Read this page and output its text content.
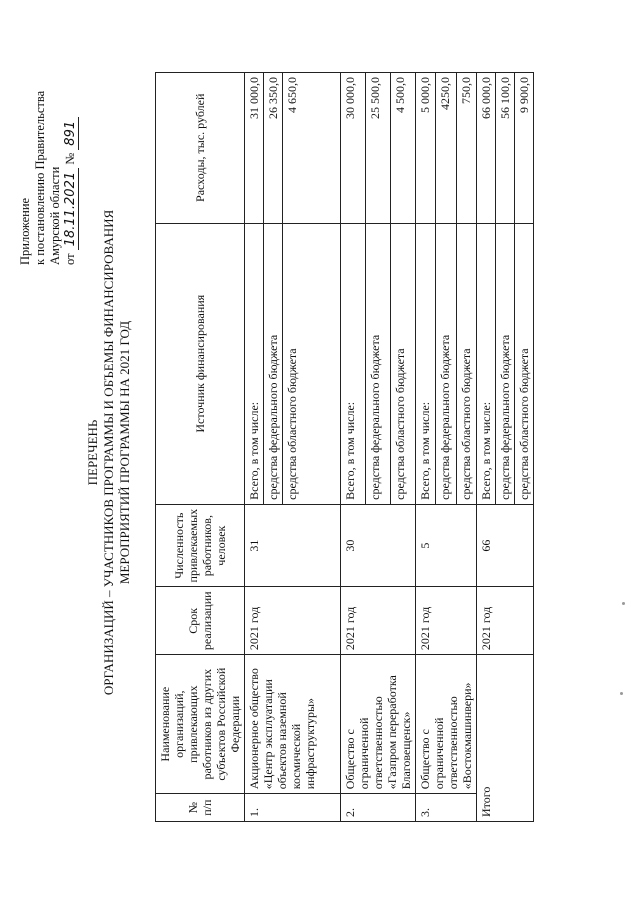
Приложение к постановлению Правительства Амурской области от 18.11.2021 № 891
ПЕРЕЧЕНЬ ОРГАНИЗАЦИЙ – УЧАСТНИКОВ ПРОГРАММЫ И ОБЪЕМЫ ФИНАНСИРОВАНИЯ МЕРОПРИЯТИЙ ПРОГРАММЫ НА 2021 ГОД
№ п/п	Наименование организаций, привлекающих работников из других субъектов Российской Федерации	Срок реализации	Численность привлекаемых работников, человек	Источник финансирования	Расходы, тыс. рублей
1.	Акционерное общество «Центр эксплуатации объектов наземной космической инфраструктуры»	2021 год	31	Всего, в том числе:	31 000,0
				средства федерального бюджета	26 350,0
				средства областного бюджета	4 650,0
2.	Общество с ограниченной ответственностью «Газпром переработка Благовещенск»	2021 год	30	Всего, в том числе:	30 000,0
				средства федерального бюджета	25 500,0
				средства областного бюджета	4 500,0
3.	Общество с ограниченной ответственностью «Востокмашинвери»	2021 год	5	Всего, в том числе:	5 000,0
				средства федерального бюджета	4250,0
				средства областного бюджета	750,0
Итого		2021 год	66	Всего, в том числе:	66 000,0
				средства федерального бюджета	56 100,0
				средства областного бюджета	9 900,0
